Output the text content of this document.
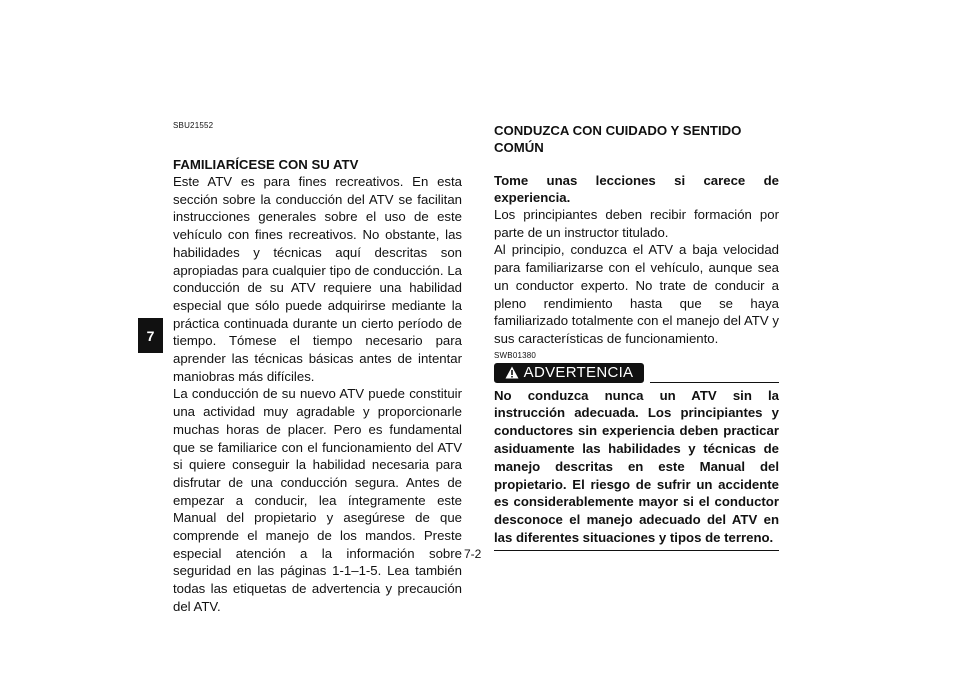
7
SBU21552

FAMILIARÍCESE CON SU ATV

Este ATV es para fines recreativos. En esta sección sobre la conducción del ATV se facilitan instrucciones generales sobre el uso de este vehículo con fines recreativos. No obstante, las habilidades y técnicas aquí descritas son apropiadas para cualquier tipo de conducción. La conducción de su ATV requiere una habilidad especial que sólo puede adquirirse mediante la práctica continuada durante un cierto período de tiempo. Tómese el tiempo necesario para aprender las técnicas básicas antes de intentar maniobras más difíciles.

La conducción de su nuevo ATV puede constituir una actividad muy agradable y proporcionarle muchas horas de placer. Pero es fundamental que se familiarice con el funcionamiento del ATV si quiere conseguir la habilidad necesaria para disfrutar de una conducción segura. Antes de empezar a conducir, lea íntegramente este Manual del propietario y asegúrese de que comprende el manejo de los mandos. Preste especial atención a la información sobre seguridad en las páginas 1-1–1-5. Lea también todas las etiquetas de advertencia y precaución del ATV.

CONDUZCA CON CUIDADO Y SENTIDO COMÚN

Tome unas lecciones si carece de experiencia.

Los principiantes deben recibir formación por parte de un instructor titulado.

Al principio, conduzca el ATV a baja velocidad para familiarizarse con el vehículo, aunque sea un conductor experto. No trate de conducir a pleno rendimiento hasta que se haya familiarizado totalmente con el manejo del ATV y sus características de funcionamiento.

SWB01380
ADVERTENCIA

No conduzca nunca un ATV sin la instrucción adecuada. Los principiantes y conductores sin experiencia deben practicar asiduamente las habilidades y técnicas de manejo descritas en este Manual del propietario. El riesgo de sufrir un accidente es considerablemente mayor si el conductor desconoce el manejo adecuado del ATV en las diferentes situaciones y tipos de terreno.

7-2
